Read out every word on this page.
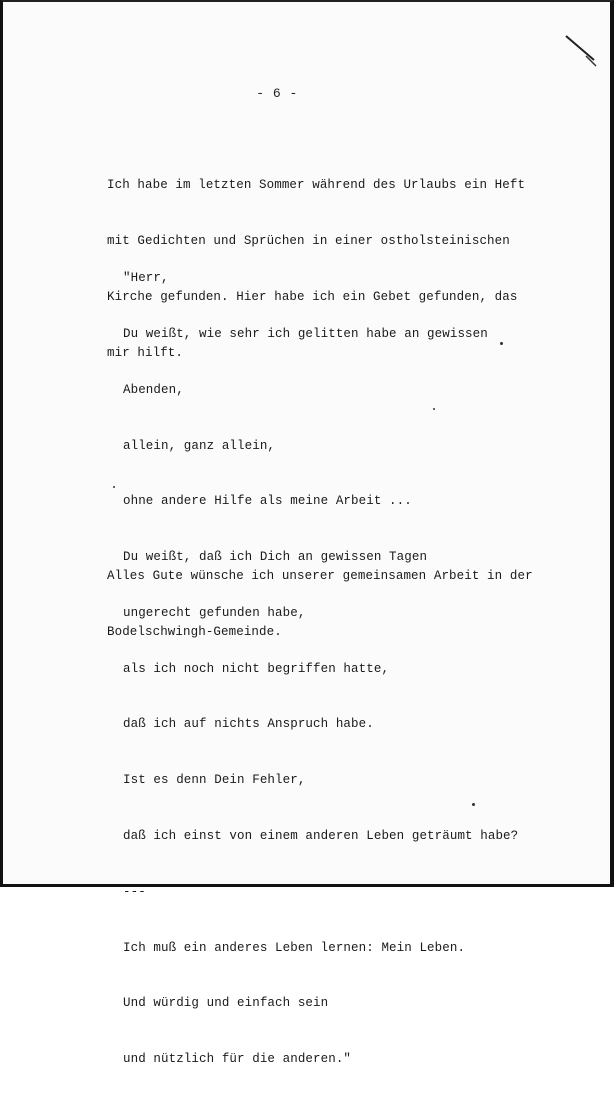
- 6 -

Ich habe im letzten Sommer während des Urlaubs ein Heft

mit Gedichten und Sprüchen in einer ostholsteinischen

Kirche gefunden. Hier habe ich ein Gebet gefunden, das

mir hilft.

"Herr,

Du weißt, wie sehr ich gelitten habe an gewissen

Abenden,

allein, ganz allein,

ohne andere Hilfe als meine Arbeit ...

Du weißt, daß ich Dich an gewissen Tagen

ungerecht gefunden habe,

als ich noch nicht begriffen hatte,

daß ich auf nichts Anspruch habe.

Ist es denn Dein Fehler,

daß ich einst von einem anderen Leben geträumt habe?

---

Ich muß ein anderes Leben lernen: Mein Leben.

Und würdig und einfach sein

und nützlich für die anderen."

Alles Gute wünsche ich unserer gemeinsamen Arbeit in der

Bodelschwingh-Gemeinde.
